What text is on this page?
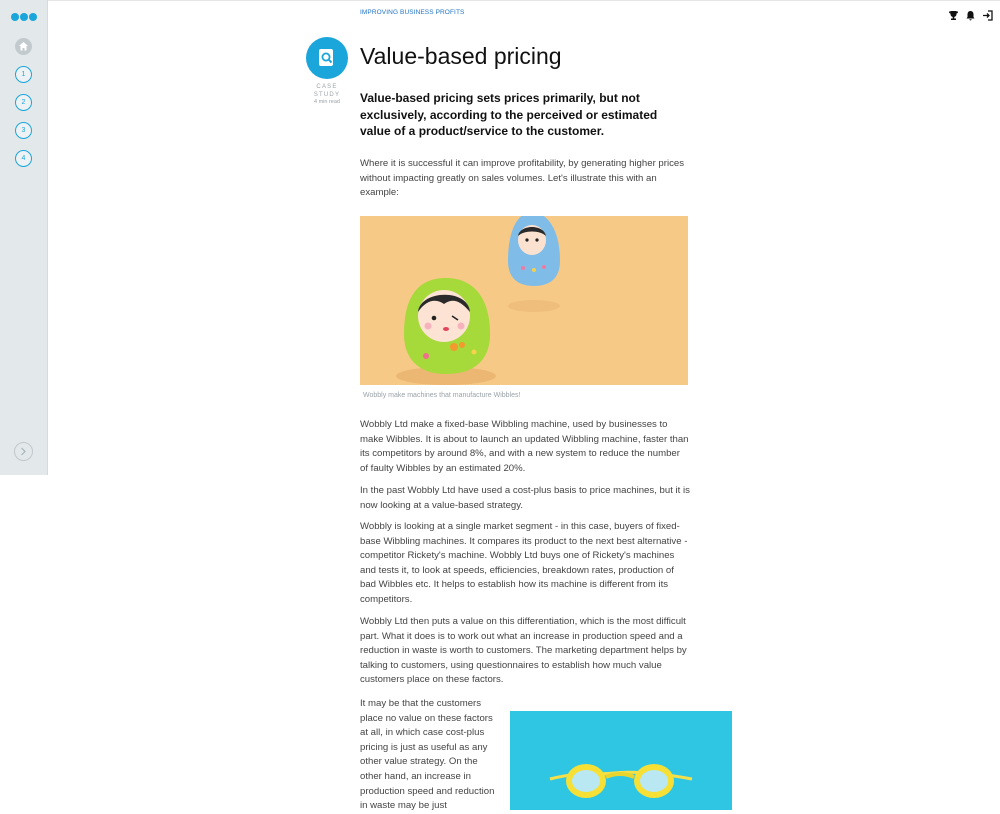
1
2
3
4
IMPROVING BUSINESS PROFITS
CASE STUDY
4 min read
Value-based pricing

Value-based pricing sets prices primarily, but not exclusively, according to the perceived or estimated value of a product/service to the customer.

Where it is successful it can improve profitability, by generating higher prices without impacting greatly on sales volumes. Let's illustrate this with an example:

Wobbly make machines that manufacture Wibbles!

Wobbly Ltd make a fixed-base Wibbling machine, used by businesses to make Wibbles. It is about to launch an updated Wibbling machine, faster than its competitors by around 8%, and with a new system to reduce the number of faulty Wibbles by an estimated 20%.

In the past Wobbly Ltd have used a cost-plus basis to price machines, but it is now looking at a value-based strategy.

Wobbly is looking at a single market segment - in this case, buyers of fixed-base Wibbling machines. It compares its product to the next best alternative - competitor Rickety's machine. Wobbly Ltd buys one of Rickety's machines and tests it, to look at speeds, efficiencies, breakdown rates, production of bad Wibbles etc. It helps to establish how its machine is different from its competitors.

Wobbly Ltd then puts a value on this differentiation, which is the most difficult part. What it does is to work out what an increase in production speed and a reduction in waste is worth to customers. The marketing department helps by talking to customers, using questionnaires to establish how much value customers place on these factors.

It may be that the customers place no value on these factors at all, in which case cost-plus pricing is just as useful as any other value strategy. On the other hand, an increase in production speed and reduction in waste may be just
